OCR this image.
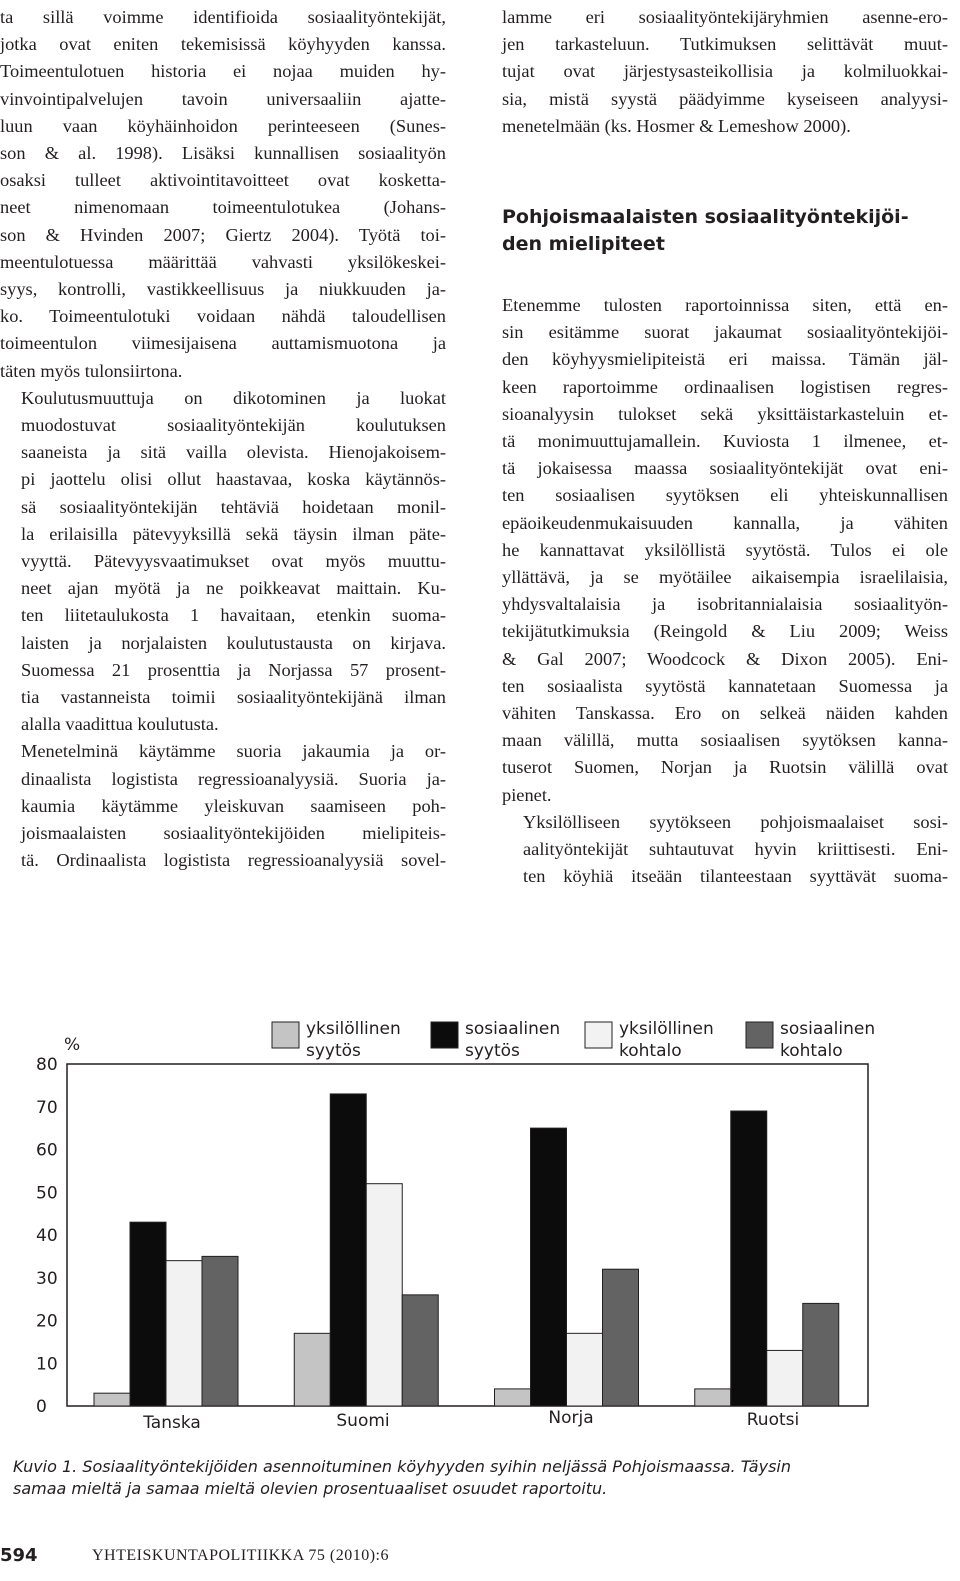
ta sillä voimme identifioida sosiaalityöntekijät,
jotka ovat eniten tekemisissä köyhyyden kanssa.
Toimeentulotuen historia ei nojaa muiden hy-
vinvointipalvelujen tavoin universaaliin ajatte-
luun vaan köyhäinhoidon perinteeseen (Sunes-
son & al. 1998). Lisäksi kunnallisen sosiaalityön
osaksi tulleet aktivointitavoitteet ovat kosketta-
neet nimenomaan toimeentulotukea (Johans-
son & Hvinden 2007; Giertz 2004). Työtä toi-
meentulotuessa määrittää vahvasti yksilökeskei-
syys, kontrolli, vastikkeellisuus ja niukkuuden ja-
ko. Toimeentulotuki voidaan nähdä taloudellisen
toimeentulon viimesijaisena auttamismuotona ja
täten myös tulonsiirtona.

Koulutusmuuttuja on dikotominen ja luokat
muodostuvat sosiaalityöntekijän koulutuksen
saaneista ja sitä vailla olevista. Hienojakoisem-
pi jaottelu olisi ollut haastavaa, koska käytännös-
sä sosiaalityöntekijän tehtäviä hoidetaan monil-
la erilaisilla pätevyyksillä sekä täysin ilman päte-
vyyttä. Pätevyysvaatimukset ovat myös muuttu-
neet ajan myötä ja ne poikkeavat maittain. Ku-
ten liitetaulukosta 1 havaitaan, etenkin suoma-
laisten ja norjalaisten koulutustausta on kirjava.
Suomessa 21 prosenttia ja Norjassa 57 prosent-
tia vastanneista toimii sosiaalityöntekijänä ilman
alalla vaadittua koulutusta.

Menetelminä käytämme suoria jakaumia ja or-
dinaalista logistista regressioanalyysiä. Suoria ja-
kaumia käytämme yleiskuvan saamiseen poh-
joismaalaisten sosiaalityöntekijöiden mielipiteis-
tä. Ordinaalista logistista regressioanalyysiä sovel-

lamme eri sosiaalityöntekijäryhmien asenne-ero-
jen tarkasteluun. Tutkimuksen selittävät muut-
tujat ovat järjestysasteikollisia ja kolmiluokkai-
sia, mistä syystä päädyimme kyseiseen analyysi-
menetelmään (ks. Hosmer & Lemeshow 2000).

Pohjoismaalaisten sosiaalityöntekijöi-
den mielipiteet

Etenemme tulosten raportoinnissa siten, että en-
sin esitämme suorat jakaumat sosiaalityöntekijöi-
den köyhyysmielipiteistä eri maissa. Tämän jäl-
keen raportoimme ordinaalisen logistisen regres-
sioanalyysin tulokset sekä yksittäistarkasteluin et-
tä monimuuttujamallein. Kuviosta 1 ilmenee, et-
tä jokaisessa maassa sosiaalityöntekijät ovat eni-
ten sosiaalisen syytöksen eli yhteiskunnallisen
epäoikeudenmukaisuuden kannalla, ja vähiten
he kannattavat yksilöllistä syytöstä. Tulos ei ole
yllättävä, ja se myötäilee aikaisempia israelilaisia,
yhdysvaltalaisia ja isobritannialaisia sosiaalityön-
tekijätutkimuksia (Reingold & Liu 2009; Weiss
& Gal 2007; Woodcock & Dixon 2005). Eni-
ten sosiaalista syytöstä kannatetaan Suomessa ja
vähiten Tanskassa. Ero on selkeä näiden kahden
maan välillä, mutta sosiaalisen syytöksen kanna-
tuserot Suomen, Norjan ja Ruotsin välillä ovat
pienet.

Yksilölliseen syytökseen pohjoismaalaiset sosi-
aalityöntekijät suhtautuvat hyvin kriittisesti. Eni-
ten köyhiä itseään tilanteestaan syyttävät suoma-

0
10
20
30
40
50
60
70
80
%
Tanska	Suomi	Norja	Ruotsi
yksilöllinen
syytös
sosiaalinen
syytös
yksilöllinen
kohtalo
sosiaalinen
kohtalo
Kuvio 1. Sosiaalityöntekijöiden asennoituminen köyhyyden syihin neljässä Pohjoismaassa. Täysin
samaa mieltä ja samaa mieltä olevien prosentuaaliset osuudet raportoitu.
594	YHTEISKUNTAPOLITIIKKA 75 (2010):6
